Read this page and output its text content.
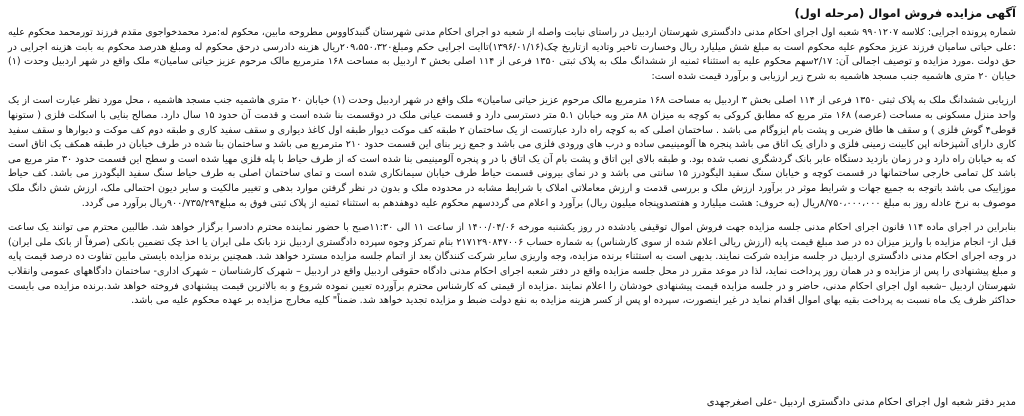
آگهی مزایده فروش اموال (مرحله اول)

شماره پرونده اجرایی: کلاسه ۹۹۰۱۲۰۷ شعبه اول اجرای احکام مدنی دادگستری شهرستان اردبیل در راستای نیابت واصله از شعبه دو اجرای احکام مدنی شهرستان گنبدکاووس مطروحه مابین، محکوم له:مرد محمدخواجوی مقدم فرزند تورمحمد محکوم علیه :علی حیاتی سامیان فرزند عزیز محکوم علیه محکوم است به مبلغ شش میلیارد ریال وخسارت تاخیر وتادیه ازتاریخ چک(۱۳۹۶/۰۱/۱۶)تاایت اجرایی حکم ومبلغ۲۰۹،۵۵۰،۳۲۰ریال هزینه دادرسی درحق محکوم له ومبلغ هدرصد محکوم به بابت هزینه اجرایی در حق دولت .مورد مزایده و توصیف اجمالی آن: ۲/۱۷سهم محکوم علیه به استثناء ثمنیه از ششدانگ ملک به پلاک ثبتی ۱۳۵۰ فرعی از ۱۱۴ اصلی بخش ۳ اردبیل به مساحت ۱۶۸ مترمربع مالک مرحوم عزیز حیاتی سامیان» ملک واقع در شهر اردبیل وحدت (۱) خیابان ۲۰ متری هاشمیه جنب مسجد هاشمیه به شرح زیر ارزیابی و برآورد قیمت شده است:

ارزیابی ششدانگ ملک به پلاک ثبتی ۱۳۵۰ فرعی از ۱۱۴ اصلی بخش ۳ اردبیل به مساحت ۱۶۸ مترمربع مالک مرحوم عزیز حیاتی سامیان» ملک واقع در شهر اردبیل وحدت (۱) خیابان ۲۰ متری هاشمیه جنب مسجد هاشمیه ، محل مورد نظر عبارت است از یک واحد منزل مسکونی به مساحت (عرصه) ۱۶۸ متر مربع که مطابق کروکی به کوچه به میزان ۸۸ متر وبه خیابان ۵.۱ متر دسترسی دارد و قسمت عیانی ملک در دوقسمت بنا شده است و قدمت آن حدود ۱۵ سال دارد. مصالح بنایی با اسکلت فلزی ( ستونها قوطی۴ گوش فلزی ) و سقف ها طاق ضربی و پشت بام ایزوگام می باشد . ساختمان اصلی که به کوچه راه دارد عبارتست از یک ساختمان ۲ طبقه کف موکت دیوار طبقه اول کاغذ دیواری و سقف سفید کاری و طبقه دوم کف موکت و دیوارها و سقف سفید کاری دارای آشپزخانه اپن کابینت زمینی فلزی و دارای یک اتاق می باشد پنجره ها آلومینیمی ساده و درب های ورودی فلزی می باشد و جمع زیر بنای این قسمت حدود ۲۱۰ مترمربع می باشد و ساختمان بنا شده در طرف خیابان در طبقه همکف یک اتاق است که به خیابان راه دارد و در زمان بازدید دستگاه عابر بانک گردشگری نصب شده بود. و طبقه بالای این اتاق و پشت بام آن یک اتاق با در و پنجره آلومینیمی بنا شده است که از طرف حیاط با پله فلزی مهیا شده است و سطح این قسمت حدود ۳۰ متر مربع می باشد کل تمامی خارجی ساختمانها در قسمت کوچه و خیابان سنگ سفید الیگودرز ۱۵ سانتی می باشد و در نمای بیرونی قسمت حیاط طرف خیابان سیمانکاری شده است و تمای ساختمان اصلی به طرف حیاط سنگ سفید الیگودرز می باشد. کف حیاط موزاییک می باشد باتوجه به جمیع جهات و شرایط موثر در برآورد ارزش ملک و بررسی قدمت و ارزش معاملاتی املاک با شرایط مشابه در محدوده ملک و بدون در نظر گرفتن موارد بدهی و تغییر مالکیت و سایر دیون احتمالی ملک، ارزش شش دانگ ملک موصوف به نرخ عادله روز به مبلغ ۸/۷۵۰،۰۰۰،۰۰۰ریال (به حروف: هشت میلیارد و هفتصدوپنجاه میلیون ریال) برآورد و اعلام می گرددسهم محکوم علیه دوهفدهم به استثناء ثمنیه از پلاک ثبتی فوق به مبلغ۹۰۰/۷۳۵/۲۹۴ریال برآورد می گردد.

بنابراین در اجرای ماده ۱۱۴ قانون اجرای احکام مدنی جلسه مزایده جهت فروش اموال توقیفی یادشده در روز یکشنبه مورخه ۱۴۰۰/۰۴/۰۶ از ساعت ۱۱ الی ۱۱:۳۰صبح با حضور نماینده محترم دادسرا برگزار خواهد شد. طالبین محترم می توانند یک ساعت قبل از- انجام مزایده با واریز میزان ده در صد مبلغ قیمت پایه (ارزش ریالی اعلام شده از سوی کارشناس) به شماره حساب ۲۱۷۱۲۹۰۸۴۷۰۰۶ بنام تمرکز وجوه سپرده دادگستری اردبیل نزد بانک ملی ایران یا اخذ چک تضمین بانکی (صرفاً از بانک ملی ایران) در وجه اجرای احکام مدنی دادگستری اردبیل در جلسه مزایده شرکت نمایند. بدیهی است به استثناء برنده مزایده، وجه واریزی سایر شرکت کنندگان بعد از اتمام جلسه مزایده مسترد خواهد شد. همچنین برنده مزایده بایستی مابین تفاوت ده درصد قیمت پایه و مبلغ پیشنهادی را پس از مزایده و در همان روز پرداخت نماید، لذا در موعد مقرر در محل جلسه مزایده واقع در دفتر شعبه اجرای احکام مدنی دادگاه حقوقی اردبیل واقع در اردبیل – شهرک کارشناسان – شهرک اداری- ساختمان دادگاههای عمومی وانقلاب شهرستان اردبیل –شعبه اول اجرای احکام مدنی، حاضر و در جلسه مزایده قیمت پیشنهادی خودشان را اعلام نمایند .مزایده از قیمتی که کارشناس محترم برآورده تعیین نموده شروع و به بالاترین قیمت پیشنهادی فروخته خواهد شد.برنده مزایده می بایست حداکثر ظرف یک ماه نسبت به پرداخت بقیه بهای اموال اقدام نماید در غیر اینصورت، سپرده او پس از کسر هزینه مزایده به نفع دولت ضبط و مزایده تجدید خواهد شد. ضمناً" کلیه مخارج مزایده بر عهده محکوم علیه می باشد.

مدیر دفتر شعبه اول اجرای احکام مدنی دادگستری اردبیل -علی اصغرجهدی
